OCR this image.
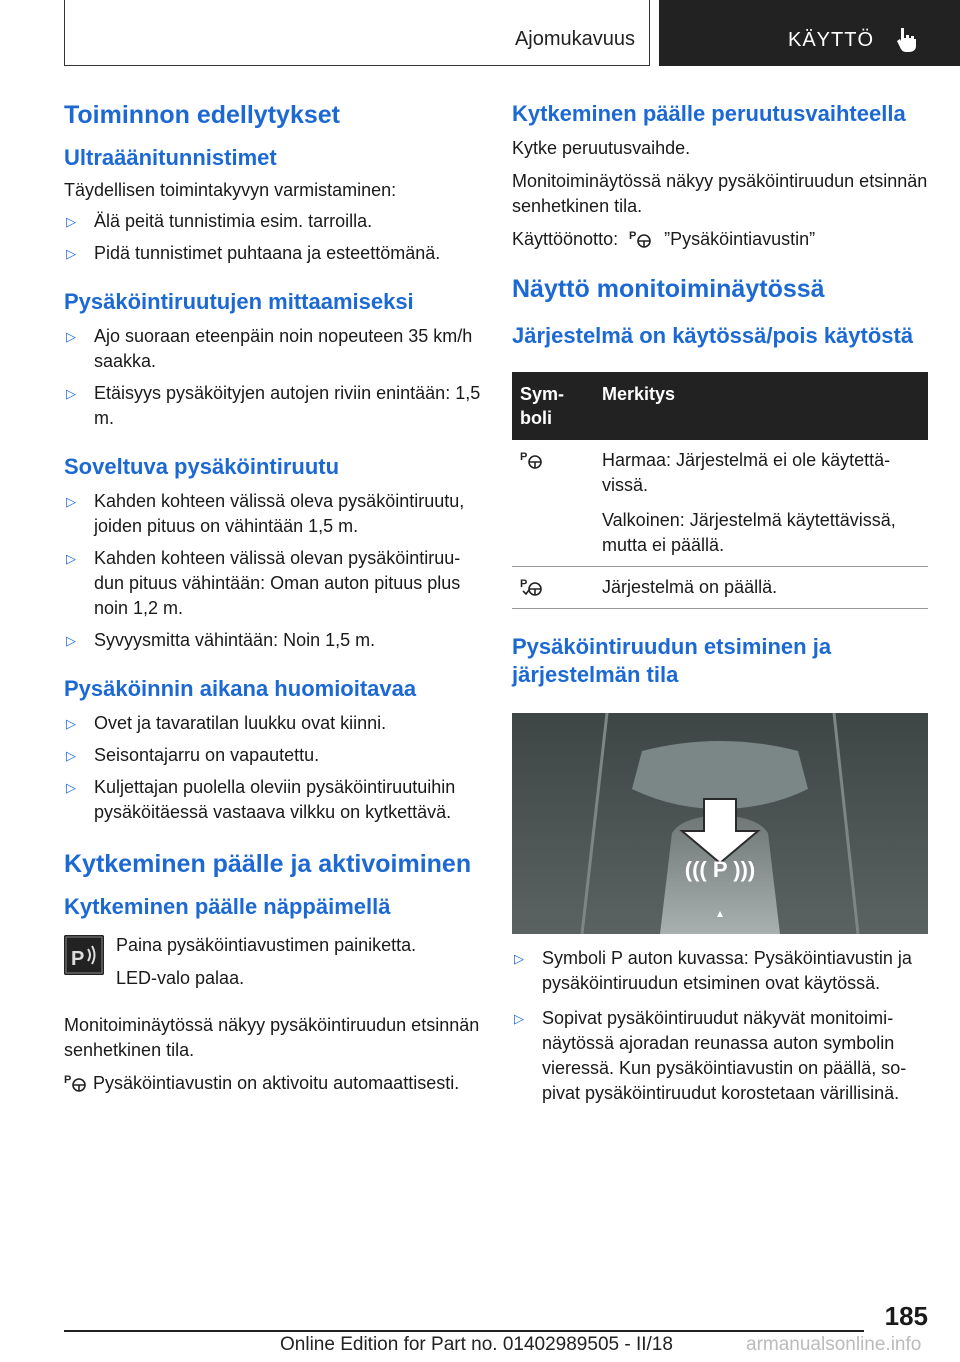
Ajomukavuus	KÄYTTÖ
Toiminnon edellytykset
Ultraäänitunnistimet

Täydellisen toimintakyvyn varmistaminen:

▷ Älä peitä tunnistimia esim. tarroilla.
▷ Pidä tunnistimet puhtaana ja esteettömänä.
Pysäköintiruutujen mittaamiseksi
▷ Ajo suoraan eteenpäin noin nopeuteen 35 km/h saakka.
▷ Etäisyys pysäköityjen autojen riviin enintään: 1,5 m.
Soveltuva pysäköintiruutu
▷ Kahden kohteen välissä oleva pysäköintiruutu, joiden pituus on vähintään 1,5 m.
▷ Kahden kohteen välissä olevan pysäköintiruudun pituus vähintään: Oman auton pituus plus noin 1,2 m.
▷ Syvyysmitta vähintään: Noin 1,5 m.
Pysäköinnin aikana huomioitavaa
▷ Ovet ja tavaratilan luukku ovat kiinni.
▷ Seisontajarru on vapautettu.
▷ Kuljettajan puolella oleviin pysäköintiruutuihin pysäköitäessä vastaava vilkku on kytkettävä.
Kytkeminen päälle ja aktivoiminen
Kytkeminen päälle näppäimellä
P

Paina pysäköintiavustimen painiketta.

LED-valo palaa.

Monitoiminäytössä näkyy pysäköintiruudun etsinnän senhetkinen tila.

P Pysäköintiavustin on aktivoitu automaattisesti.

Kytkeminen päälle peruutusvaihteella

Kytke peruutusvaihde.

Monitoiminäytössä näkyy pysäköintiruudun etsinnän senhetkinen tila.

Käyttöönotto: P ”Pysäköintiavustin”

Näyttö monitoiminäytössä
Järjestelmä on käytössä/pois käytöstä
Symboli	Merkitys

P	Harmaa: Järjestelmä ei ole käytettävissä.

Valkoinen: Järjestelmä käytettävissä, mutta ei päällä.

P	Järjestelmä on päällä.
Pysäköintiruudun etsiminen ja järjestelmän tila
((( P )))
▷ Symboli P auton kuvassa: Pysäköintiavustin ja pysäköintiruudun etsiminen ovat käytössä.
▷ Sopivat pysäköintiruudut näkyvät monitoiminäytössä ajoradan reunassa auton symbolin vieressä. Kun pysäköintiavustin on päällä, sopivat pysäköintiruudut korostetaan värillisinä.
185
Online Edition for Part no. 01402989505 - II/18	armanualsonline.info
